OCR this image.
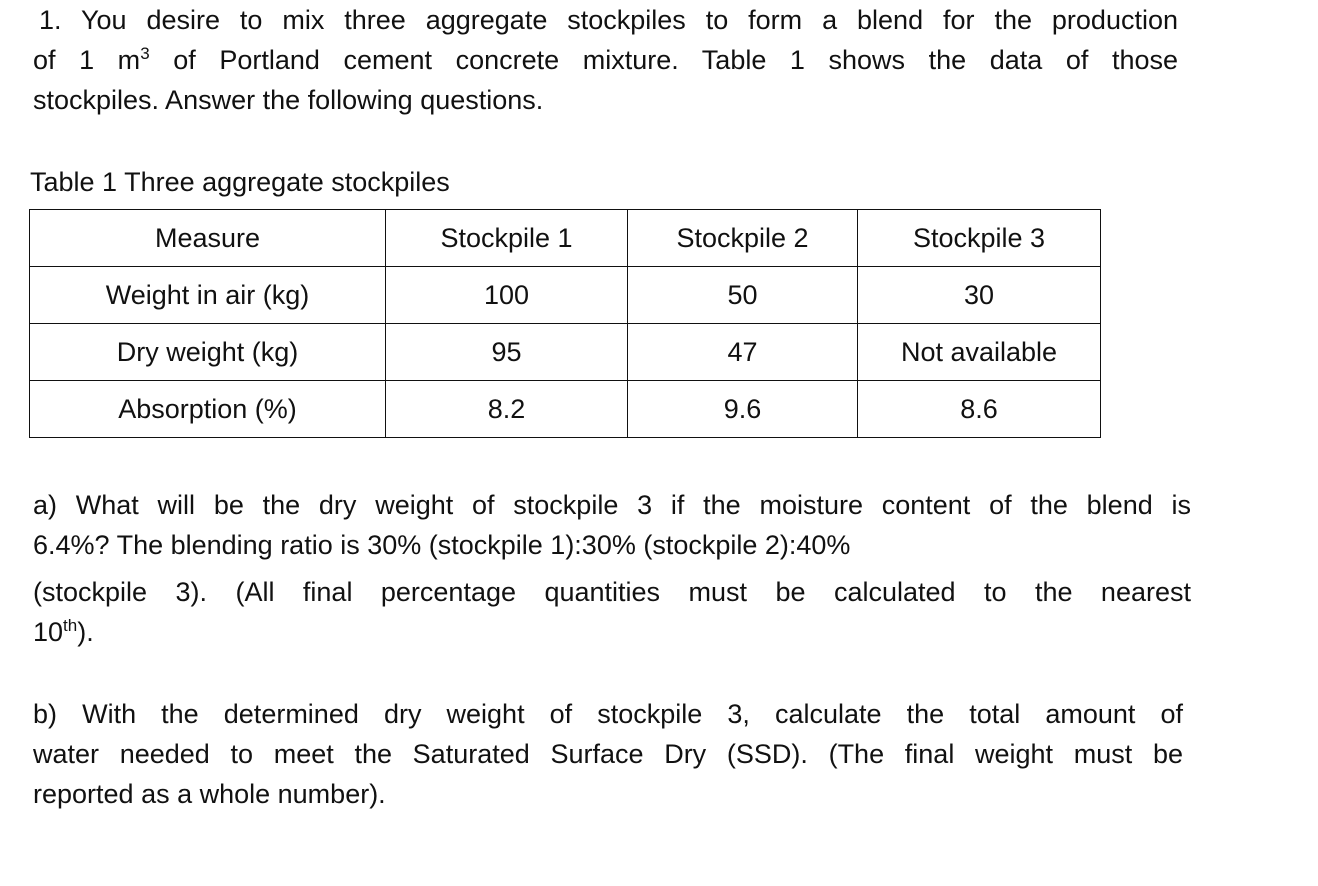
1. You desire to mix three aggregate stockpiles to form a blend for the production
of 1 $m^3$ of Portland cement concrete mixture. Table 1 shows the data of those
stockpiles. Answer the following questions.

Table 1 Three aggregate stockpiles

Measure	Stockpile 1	Stockpile 2	Stockpile 3
Weight in air (kg)	100	50	30
Dry weight (kg)	95	47	Not available
Absorption (%)	8.2	9.6	8.6
a) What will be the dry weight of stockpile 3 if the moisture content of the blend is
6.4%? The blending ratio is 30% (stockpile 1):30% (stockpile 2):40%
(stockpile 3). (All final percentage quantities must be calculated to the nearest
10th).
b) With the determined dry weight of stockpile 3, calculate the total amount of
water needed to meet the Saturated Surface Dry (SSD). (The final weight must be
reported as a whole number).
